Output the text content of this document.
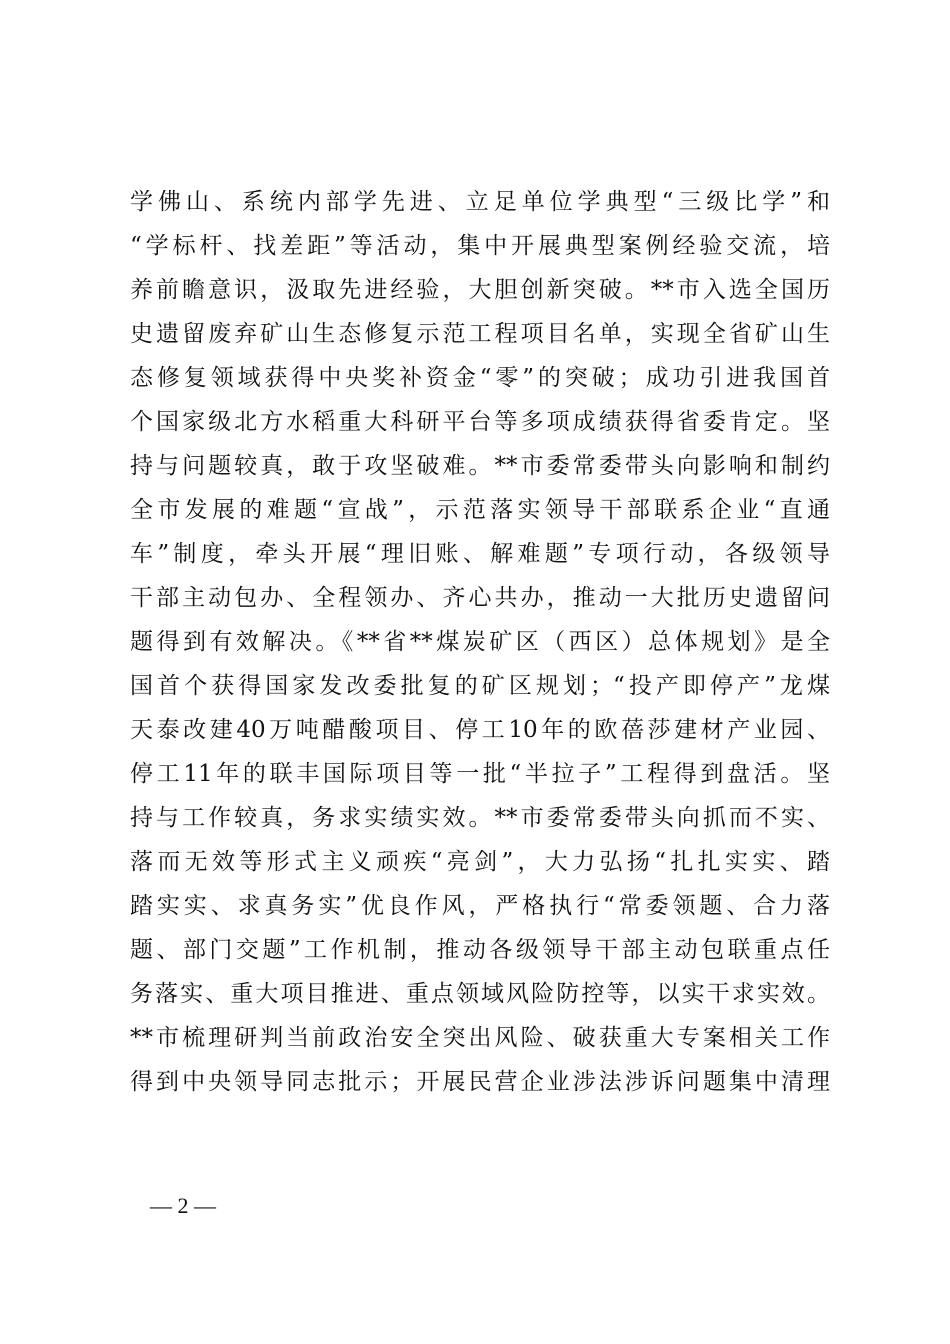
学佛山、系统内部学先进、立足单位学典型“三级比学”和
“学标杆、找差距”等活动，集中开展典型案例经验交流，培
养前瞻意识，汲取先进经验，大胆创新突破。**市入选全国历
史遗留废弃矿山生态修复示范工程项目名单，实现全省矿山生
态修复领域获得中央奖补资金“零”的突破；成功引进我国首
个国家级北方水稻重大科研平台等多项成绩获得省委肯定。坚
持与问题较真，敢于攻坚破难。**市委常委带头向影响和制约
全市发展的难题“宣战”，示范落实领导干部联系企业“直通
车”制度，牵头开展“理旧账、解难题”专项行动，各级领导
干部主动包办、全程领办、齐心共办，推动一大批历史遗留问
题得到有效解决。《**省**煤炭矿区（西区）总体规划》是全
国首个获得国家发改委批复的矿区规划；“投产即停产”龙煤
天泰改建40万吨醋酸项目、停工10年的欧蓓莎建材产业园、
停工11年的联丰国际项目等一批“半拉子”工程得到盘活。坚
持与工作较真，务求实绩实效。**市委常委带头向抓而不实、
落而无效等形式主义顽疾“亮剑”，大力弘扬“扎扎实实、踏
踏实实、求真务实”优良作风，严格执行“常委领题、合力落
题、部门交题”工作机制，推动各级领导干部主动包联重点任
务落实、重大项目推进、重点领域风险防控等，以实干求实效。
**市梳理研判当前政治安全突出风险、破获重大专案相关工作
得到中央领导同志批示；开展民营企业涉法涉诉问题集中清理
— 2 —
